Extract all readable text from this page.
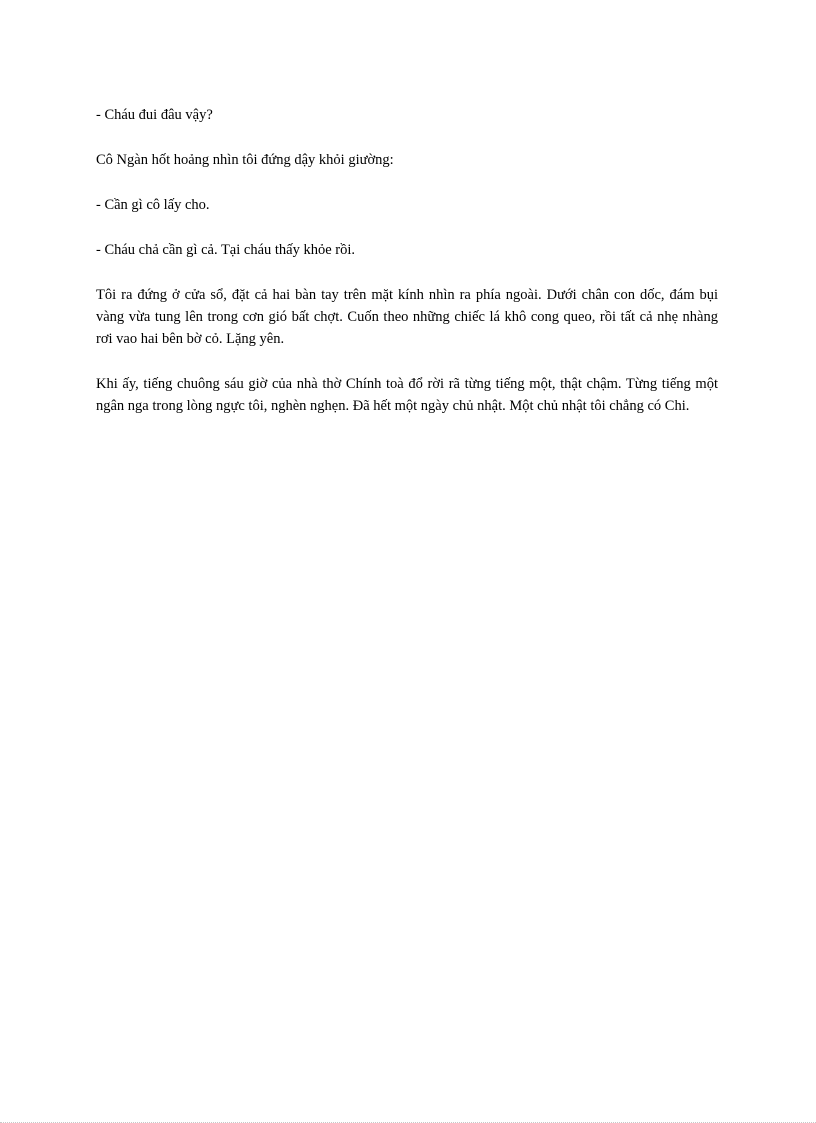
- Cháu đui đâu vậy?

Cô Ngàn hốt hoảng nhìn tôi đứng dậy khỏi giường:

- Cần gì cô lấy cho.

- Cháu chả cần gì cả. Tại cháu thấy khỏe rồi.

Tôi ra đứng ở cửa sổ, đặt cả hai bàn tay trên mặt kính nhìn ra phía ngoài. Dưới chân con dốc, đám bụi vàng vừa tung lên trong cơn gió bất chợt. Cuốn theo những chiếc lá khô cong queo, rồi tất cả nhẹ nhàng rơi vao hai bên bờ cỏ. Lặng yên.

Khi ấy, tiếng chuông sáu giờ của nhà thờ Chính toà đổ rời rã từng tiếng một, thật chậm. Từng tiếng một ngân nga trong lòng ngực tôi, nghèn nghẹn. Đã hết một ngày chủ nhật. Một chủ nhật tôi chẳng có Chi.
